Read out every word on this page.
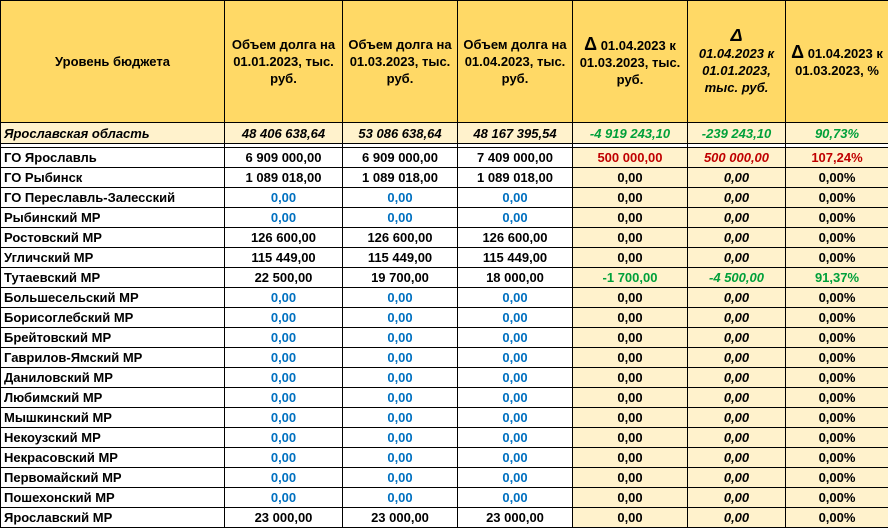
Уровень бюджета	Объем долга на 01.01.2023, тыс. руб.	Объем долга на 01.03.2023, тыс. руб.	Объем долга на 01.04.2023, тыс. руб.	Δ 01.04.2023 к 01.03.2023, тыс. руб.	Δ
01.04.2023 к 01.01.2023, тыс. руб.	Δ 01.04.2023 к 01.03.2023, %
Ярославская область	48 406 638,64	53 086 638,64	48 167 395,54	-4 919 243,10	-239 243,10	90,73%

ГО Ярославль	6 909 000,00	6 909 000,00	7 409 000,00	500 000,00	500 000,00	107,24%
ГО Рыбинск	1 089 018,00	1 089 018,00	1 089 018,00	0,00	0,00	0,00%
ГО Переславль-Залесский	0,00	0,00	0,00	0,00	0,00	0,00%
Рыбинский МР	0,00	0,00	0,00	0,00	0,00	0,00%
Ростовский МР	126 600,00	126 600,00	126 600,00	0,00	0,00	0,00%
Угличский МР	115 449,00	115 449,00	115 449,00	0,00	0,00	0,00%
Тутаевский МР	22 500,00	19 700,00	18 000,00	-1 700,00	-4 500,00	91,37%
Большесельский МР	0,00	0,00	0,00	0,00	0,00	0,00%
Борисоглебский МР	0,00	0,00	0,00	0,00	0,00	0,00%
Брейтовский МР	0,00	0,00	0,00	0,00	0,00	0,00%
Гаврилов-Ямский МР	0,00	0,00	0,00	0,00	0,00	0,00%
Даниловский МР	0,00	0,00	0,00	0,00	0,00	0,00%
Любимский МР	0,00	0,00	0,00	0,00	0,00	0,00%
Мышкинский МР	0,00	0,00	0,00	0,00	0,00	0,00%
Некоузский МР	0,00	0,00	0,00	0,00	0,00	0,00%
Некрасовский МР	0,00	0,00	0,00	0,00	0,00	0,00%
Первомайский МР	0,00	0,00	0,00	0,00	0,00	0,00%
Пошехонский МР	0,00	0,00	0,00	0,00	0,00	0,00%
Ярославский МР	23 000,00	23 000,00	23 000,00	0,00	0,00	0,00%
